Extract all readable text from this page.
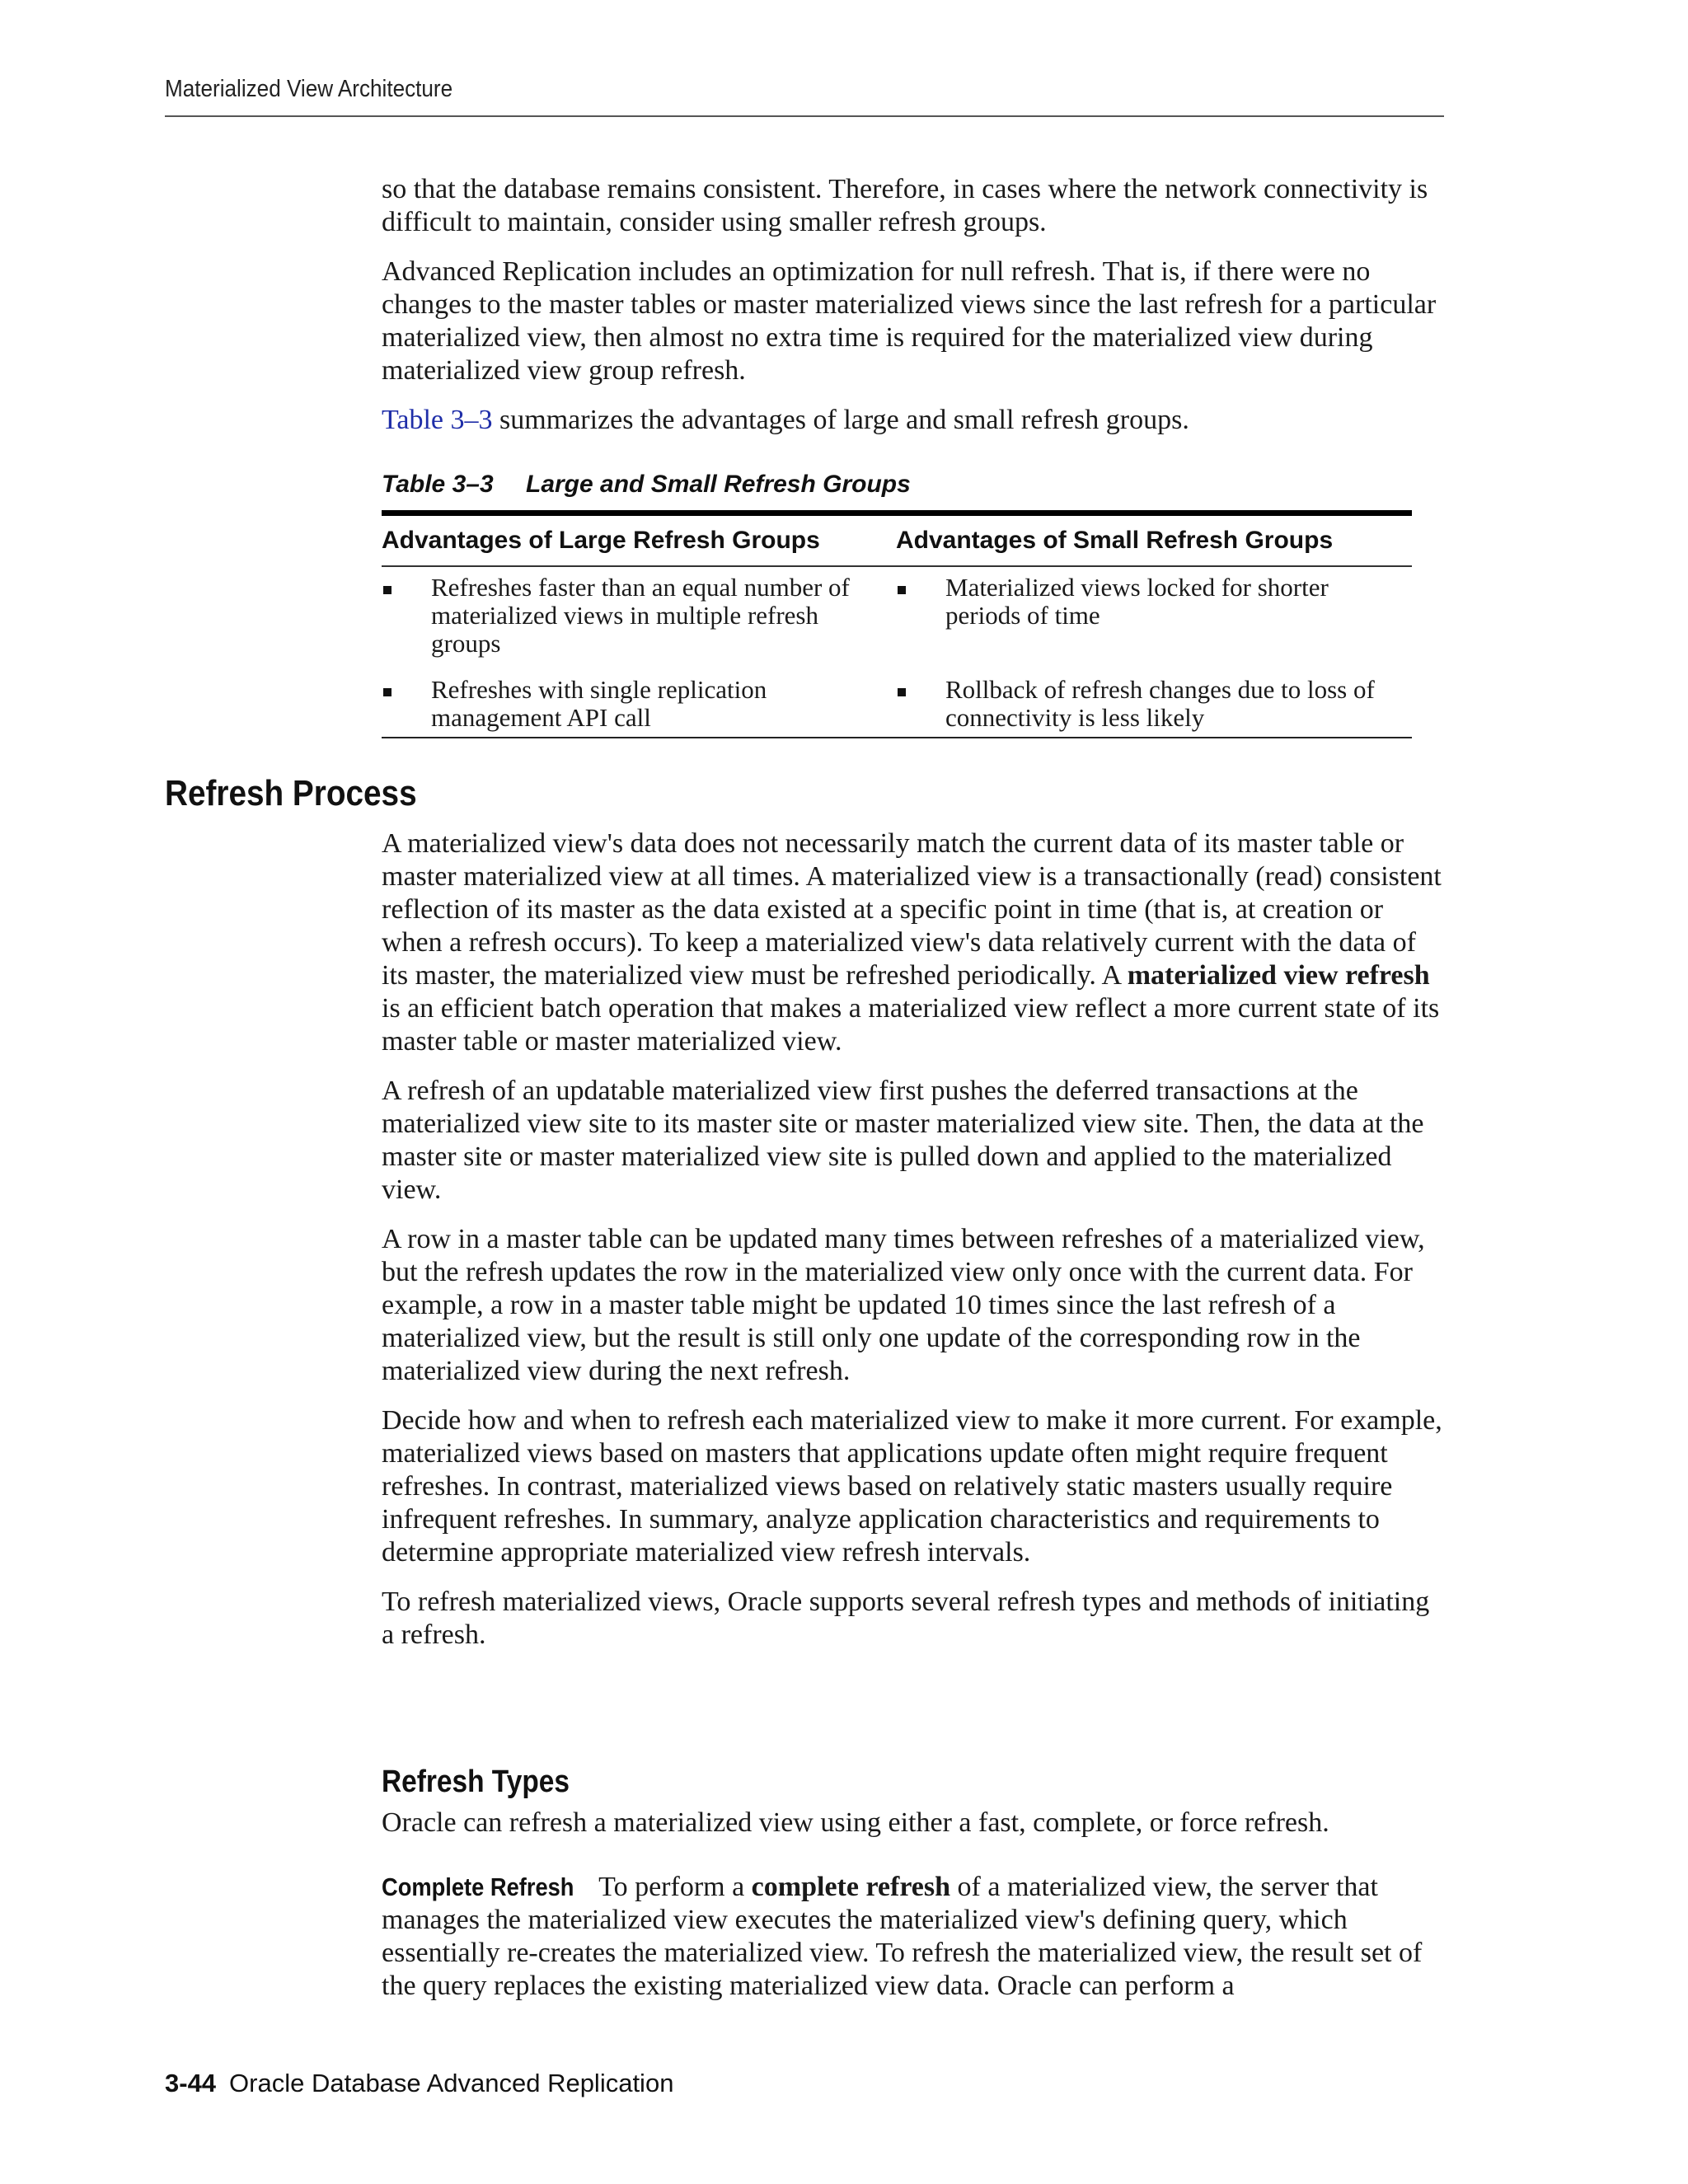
Materialized View Architecture

so that the database remains consistent. Therefore, in cases where the network connectivity is difficult to maintain, consider using smaller refresh groups.

Advanced Replication includes an optimization for null refresh. That is, if there were no changes to the master tables or master materialized views since the last refresh for a particular materialized view, then almost no extra time is required for the materialized view during materialized view group refresh.

Table 3–3 summarizes the advantages of large and small refresh groups.

Table 3–3 Large and Small Refresh Groups
Advantages of Large Refresh Groups	Advantages of Small Refresh Groups
Refreshes faster than an equal number of materialized views in multiple refresh groups
Refreshes with single replication management API call
Materialized views locked for shorter periods of time
Rollback of refresh changes due to loss of connectivity is less likely
Refresh Process

A materialized view's data does not necessarily match the current data of its master table or master materialized view at all times. A materialized view is a transactionally (read) consistent reflection of its master as the data existed at a specific point in time (that is, at creation or when a refresh occurs). To keep a materialized view's data relatively current with the data of its master, the materialized view must be refreshed periodically. A materialized view refresh is an efficient batch operation that makes a materialized view reflect a more current state of its master table or master materialized view.

A refresh of an updatable materialized view first pushes the deferred transactions at the materialized view site to its master site or master materialized view site. Then, the data at the master site or master materialized view site is pulled down and applied to the materialized view.

A row in a master table can be updated many times between refreshes of a materialized view, but the refresh updates the row in the materialized view only once with the current data. For example, a row in a master table might be updated 10 times since the last refresh of a materialized view, but the result is still only one update of the corresponding row in the materialized view during the next refresh.

Decide how and when to refresh each materialized view to make it more current. For example, materialized views based on masters that applications update often might require frequent refreshes. In contrast, materialized views based on relatively static masters usually require infrequent refreshes. In summary, analyze application characteristics and requirements to determine appropriate materialized view refresh intervals.

To refresh materialized views, Oracle supports several refresh types and methods of initiating a refresh.

Refresh Types

Oracle can refresh a materialized view using either a fast, complete, or force refresh.

Complete Refresh To perform a complete refresh of a materialized view, the server that manages the materialized view executes the materialized view's defining query, which essentially re-creates the materialized view. To refresh the materialized view, the result set of the query replaces the existing materialized view data. Oracle can perform a

3-44 Oracle Database Advanced Replication
